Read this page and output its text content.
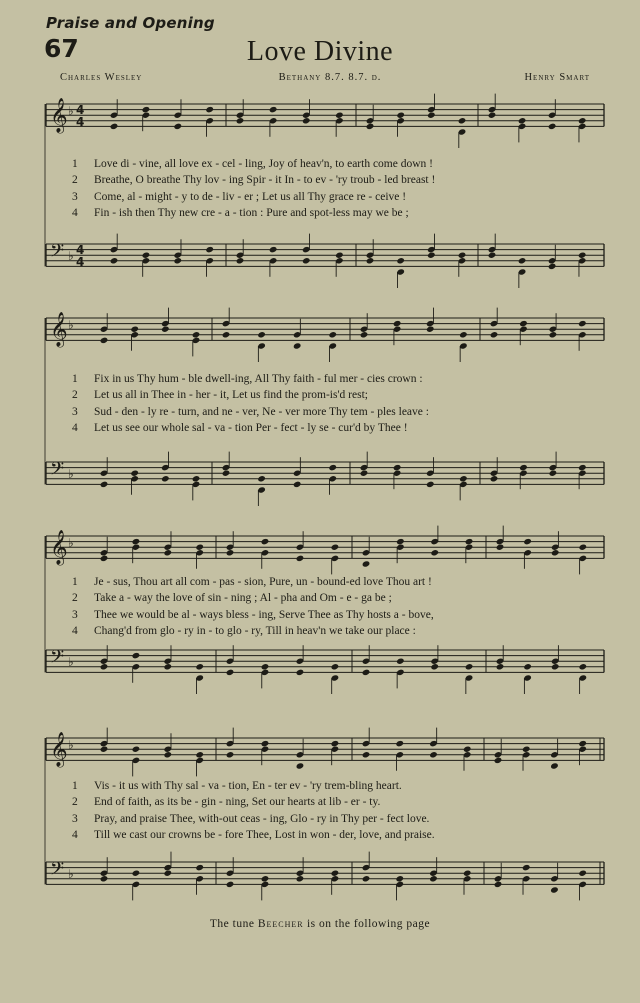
Praise and Opening
67	Love Divine
Charles Wesley	Bethany 8.7. 8.7. d.	Henry Smart
𝄞 ♭ 4
4
𝄢 ♭ 4
4
𝄞 ♭
𝄢 ♭
𝄞 ♭
𝄢 ♭
𝄞 ♭
𝄢 ♭
1	Love di - vine, all love ex - cel - ling, Joy of heav'n, to earth come down !
2	Breathe, O breathe Thy lov - ing Spir - it In - to ev - 'ry troub - led breast !
3	Come, al - might - y to de - liv - er ; Let us all Thy grace re - ceive !
4	Fin - ish then Thy new cre - a - tion : Pure and spot-less may we be ;
1	Fix in us Thy hum - ble dwell-ing, All Thy faith - ful mer - cies crown :
2	Let us all in Thee in - her - it, Let us find the prom-is'd rest;
3	Sud - den - ly re - turn, and ne - ver, Ne - ver more Thy tem - ples leave :
4	Let us see our whole sal - va - tion Per - fect - ly se - cur'd by Thee !
1	Je - sus, Thou art all com - pas - sion, Pure, un - bound-ed love Thou art !
2	Take a - way the love of sin - ning ; Al - pha and Om - e - ga be ;
3	Thee we would be al - ways bless - ing, Serve Thee as Thy hosts a - bove,
4	Chang'd from glo - ry in - to glo - ry, Till in heav'n we take our place :
1	Vis - it us with Thy sal - va - tion, En - ter ev - 'ry trem-bling heart.
2	End of faith, as its be - gin - ning, Set our hearts at lib - er - ty.
3	Pray, and praise Thee, with-out ceas - ing, Glo - ry in Thy per - fect love.
4	Till we cast our crowns be - fore Thee, Lost in won - der, love, and praise.
The tune Beecher is on the following page
